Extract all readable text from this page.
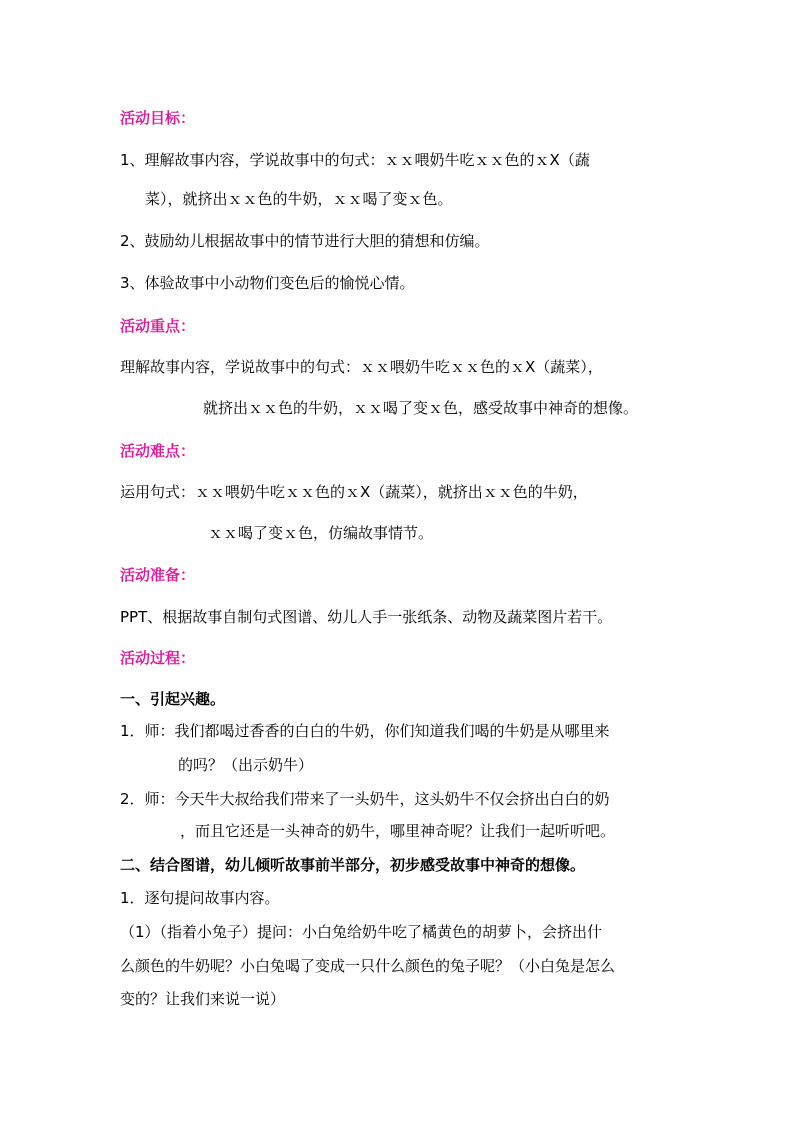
活动目标：
1、理解故事内容，学说故事中的句式：ｘｘ喂奶牛吃ｘｘ色的ｘX（蔬
菜），就挤出ｘｘ色的牛奶，ｘｘ喝了变ｘ色。
2、鼓励幼儿根据故事中的情节进行大胆的猜想和仿编。
3、体验故事中小动物们变色后的愉悦心情。
活动重点：
理解故事内容，学说故事中的句式：ｘｘ喂奶牛吃ｘｘ色的ｘX（蔬菜），
就挤出ｘｘ色的牛奶，ｘｘ喝了变ｘ色，感受故事中神奇的想像。
活动难点：
运用句式：ｘｘ喂奶牛吃ｘｘ色的ｘX（蔬菜），就挤出ｘｘ色的牛奶，
ｘｘ喝了变ｘ色，仿编故事情节。
活动准备：
PPT、根据故事自制句式图谱、幼儿人手一张纸条、动物及蔬菜图片若干。
活动过程：
一、引起兴趣。
1．师：我们都喝过香香的白白的牛奶，你们知道我们喝的牛奶是从哪里来
的吗？（出示奶牛）
2．师：今天牛大叔给我们带来了一头奶牛，这头奶牛不仅会挤出白白的奶
，而且它还是一头神奇的奶牛，哪里神奇呢？让我们一起听听吧。
二、结合图谱，幼儿倾听故事前半部分，初步感受故事中神奇的想像。
1．逐句提问故事内容。
（1）（指着小兔子）提问：小白兔给奶牛吃了橘黄色的胡萝卜，会挤出什
么颜色的牛奶呢？小白兔喝了变成一只什么颜色的兔子呢？（小白兔是怎么
变的？让我们来说一说）
